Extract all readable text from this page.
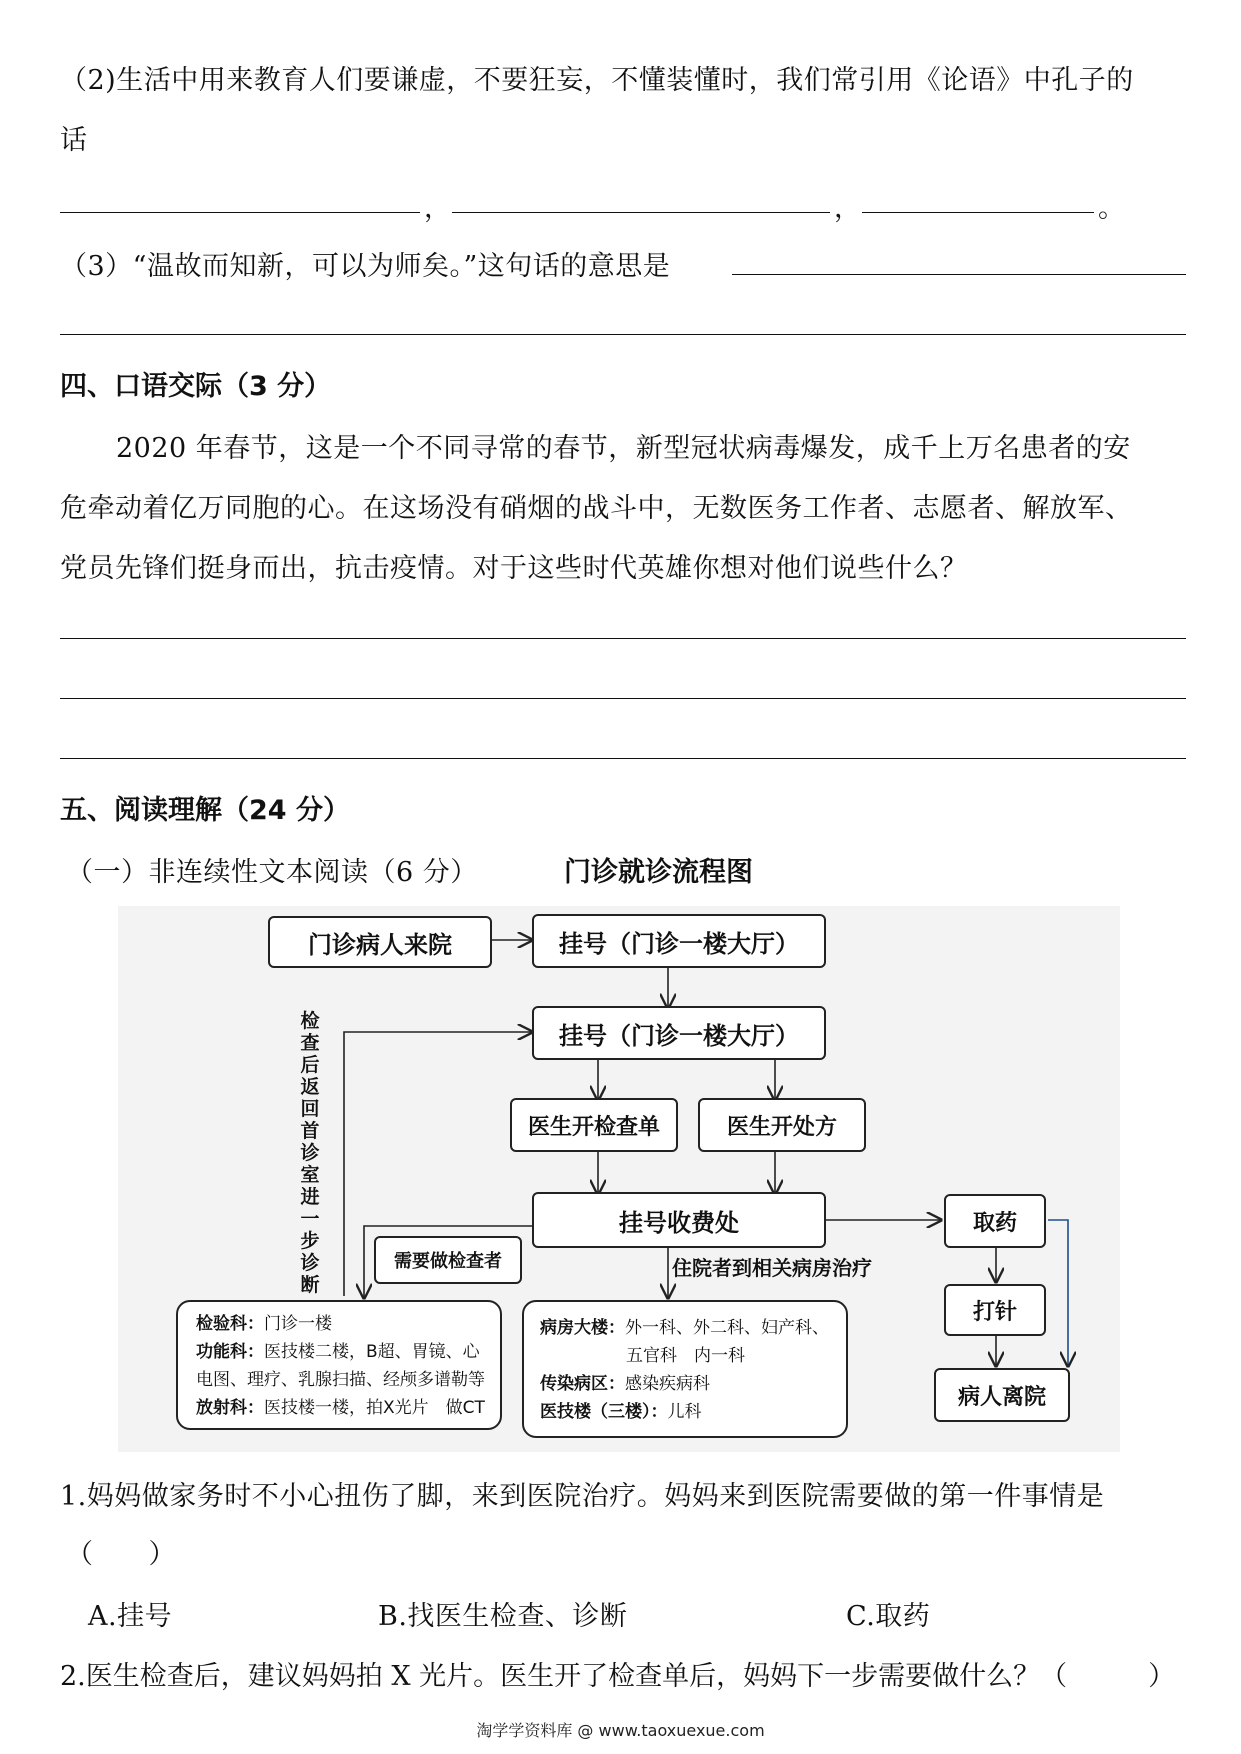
（2)生活中用来教育人们要谦虚，不要狂妄，不懂装懂时，我们常引用《论语》中孔子的
话
，	，	。
（3）“温故而知新，可以为师矣。”这句话的意思是
四、口语交际（3 分）
2020 年春节，这是一个不同寻常的春节，新型冠状病毒爆发，成千上万名患者的安
危牵动着亿万同胞的心。在这场没有硝烟的战斗中，无数医务工作者、志愿者、解放军、
党员先锋们挺身而出，抗击疫情。对于这些时代英雄你想对他们说些什么？
五、阅读理解（24 分）
（一）非连续性文本阅读（6 分）	门诊就诊流程图
门诊病人来院	挂号（门诊一楼大厅）
挂号（门诊一楼大厅）
医生开检查单	医生开处方
挂号收费处
需要做检查者	住院者到相关病房治疗
取药
打针
病人离院
检查后返回首诊室进一步诊断
检验科：门诊一楼
功能科：医技楼二楼，B超、胃镜、心
电图、理疗、乳腺扫描、经颅多谱勒等
放射科：医技楼一楼，拍X光片　做CT
病房大楼：外一科、外二科、妇产科、
五官科　内一科
传染病区：感染疾病科
医技楼（三楼）：儿科
1.妈妈做家务时不小心扭伤了脚，来到医院治疗。妈妈来到医院需要做的第一件事情是
（　　）
A.挂号	B.找医生检查、诊断	C.取药
2.医生检查后，建议妈妈拍 X 光片。医生开了检查单后，妈妈下一步需要做什么？（　　　）
淘学学资料库 @ www.taoxuexue.com
